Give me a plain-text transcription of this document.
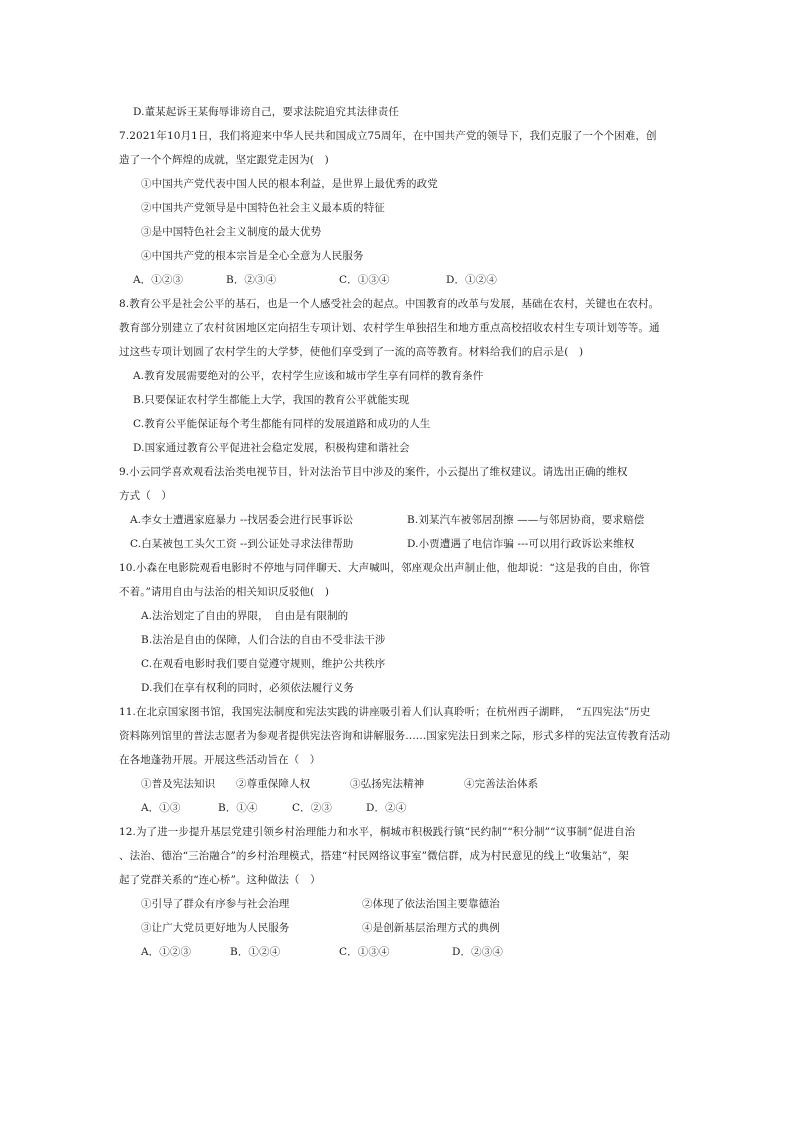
D.董某起诉王某侮辱诽谤自己，要求法院追究其法律责任
7.2021年10月1日，我们将迎来中华人民共和国成立75周年，在中国共产党的领导下，我们克服了一个个困难，创
造了一个个辉煌的成就，坚定跟党走因为(　)
①中国共产党代表中国人民的根本利益，是世界上最优秀的政党
②中国共产党领导是中国特色社会主义最本质的特征
③是中国特色社会主义制度的最大优势
④中国共产党的根本宗旨是全心全意为人民服务
A．①②③	B．②③④	C．①③④	D．①②④
8.教育公平是社会公平的基石，也是一个人感受社会的起点。中国教育的改革与发展，基础在农村，关键也在农村。
教育部分别建立了农村贫困地区定向招生专项计划、农村学生单独招生和地方重点高校招收农村生专项计划等等。通
过这些专项计划圆了农村学生的大学梦，使他们享受到了一流的高等教育。材料给我们的启示是(　)
A.教育发展需要绝对的公平，农村学生应该和城市学生享有同样的教育条件
B.只要保证农村学生都能上大学，我国的教育公平就能实现
C.教育公平能保证每个考生都能有同样的发展道路和成功的人生
D.国家通过教育公平促进社会稳定发展，积极构建和谐社会
9.小云同学喜欢观看法治类电视节目，针对法治节目中涉及的案件，小云提出了维权建议。请选出正确的维权
方式（　）
A.李女士遭遇家庭暴力 --找居委会进行民事诉讼	B.刘某汽车被邻居刮擦 ——与邻居协商，要求赔偿
C.白某被包工头欠工资 --到公证处寻求法律帮助	D.小贾遭遇了电信诈骗 ---可以用行政诉讼来维权
10.小森在电影院观看电影时不停地与同伴聊天、大声喊叫，邻座观众出声制止他，他却说：“这是我的自由，你管
不着。”请用自由与法治的相关知识反驳他(　)
A.法治划定了自由的界限，　自由是有限制的
B.法治是自由的保障，人们合法的自由不受非法干涉
C.在观看电影时我们要自觉遵守规则，维护公共秩序
D.我们在享有权利的同时，必须依法履行义务
11.在北京国家图书馆，我国宪法制度和宪法实践的讲座吸引着人们认真聆听；在杭州西子湖畔，　“五四宪法”历史
资料陈列馆里的普法志愿者为参观者提供宪法咨询和讲解服务……国家宪法日到来之际，形式多样的宪法宣传教育活动
在各地蓬勃开展。开展这些活动旨在（　）
①普及宪法知识 ②尊重保障人权	③弘扬宪法精神	④完善法治体系
A．①③	B．①④	C．②③	D．②④
12.为了进一步提升基层党建引领乡村治理能力和水平，桐城市积极践行镇“民约制”“积分制”“议事制”促进自治
、法治、德治“三治融合”的乡村治理模式，搭建“村民网络议事室”微信群，成为村民意见的线上“收集站”，架
起了党群关系的“连心桥”。这种做法（　）
①引导了群众有序参与社会治理	②体现了依法治国主要靠德治
③让广大党员更好地为人民服务	④是创新基层治理方式的典例
A．①②③	B．①②④	C．①③④	D．②③④
